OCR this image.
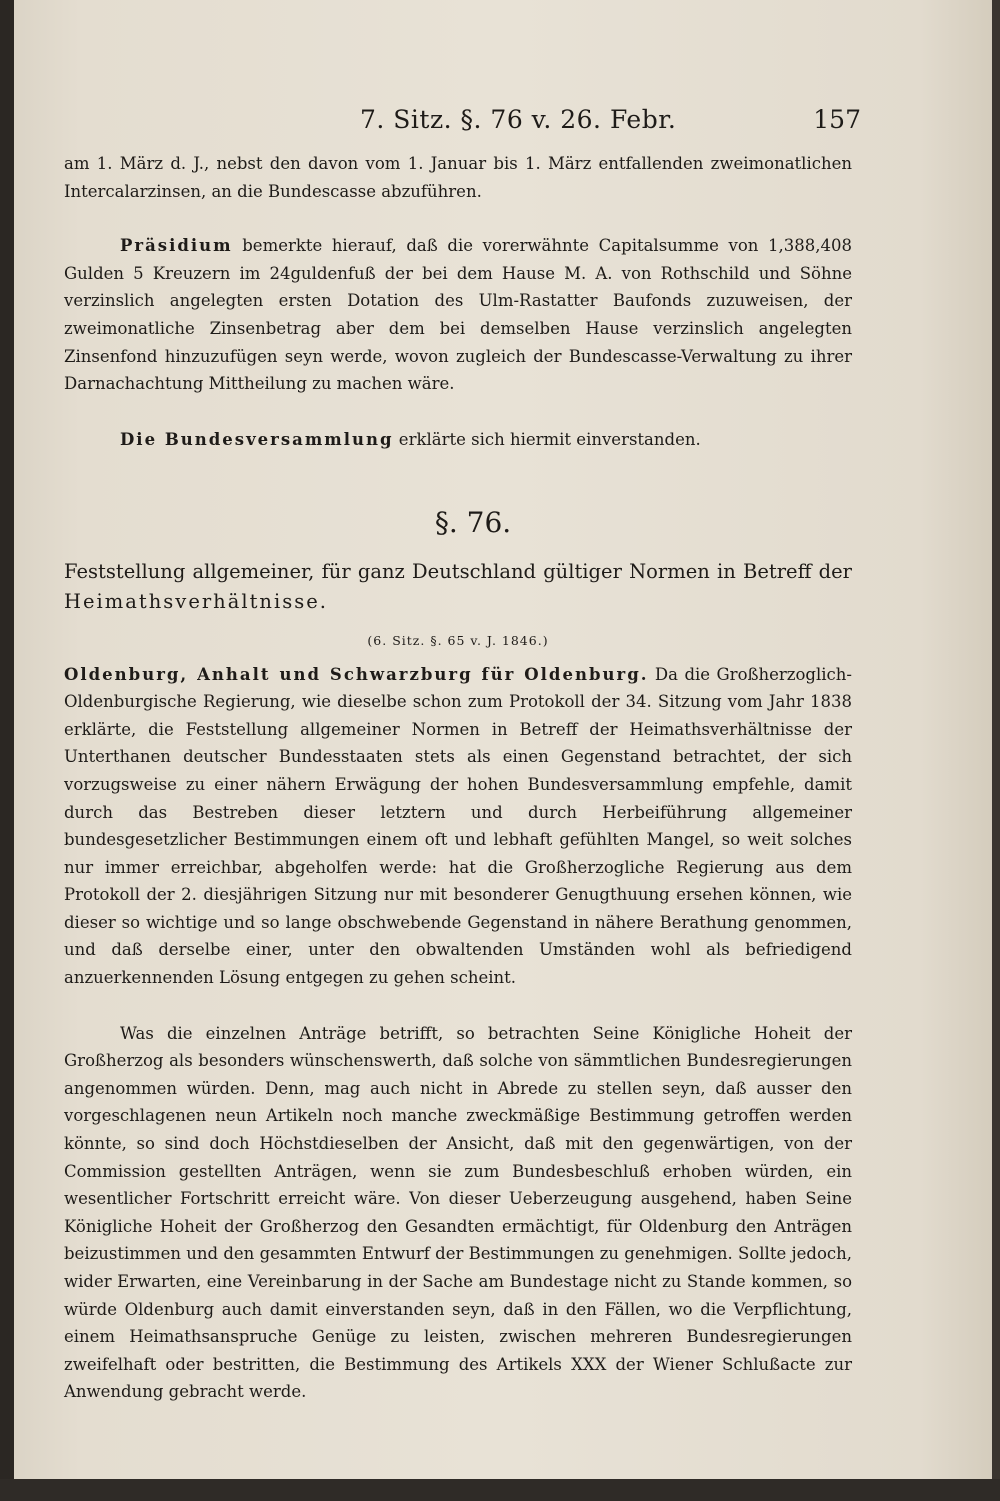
7. Sitz. §. 76 v. 26. Febr.	157

am 1. März d. J., nebst den davon vom 1. Januar bis 1. März entfallenden zweimonatlichen Intercalarzinsen, an die Bundescasse abzuführen.

Präsidium bemerkte hierauf, daß die vorerwähnte Capitalsumme von 1,388,408 Gulden 5 Kreuzern im 24guldenfuß der bei dem Hause M. A. von Rothschild und Söhne verzinslich angelegten ersten Dotation des Ulm-Rastatter Baufonds zuzuweisen, der zweimonatliche Zinsenbetrag aber dem bei demselben Hause verzinslich angelegten Zinsenfond hinzuzufügen seyn werde, wovon zugleich der Bundescasse-Verwaltung zu ihrer Darnachachtung Mittheilung zu machen wäre.

Die Bundesversammlung erklärte sich hiermit einverstanden.

§. 76.

Feststellung allgemeiner, für ganz Deutschland gültiger Normen in Betreff der Heimathsverhältnisse.

(6. Sitz. §. 65 v. J. 1846.)

Oldenburg, Anhalt und Schwarzburg für Oldenburg. Da die Großherzoglich-Oldenburgische Regierung, wie dieselbe schon zum Protokoll der 34. Sitzung vom Jahr 1838 erklärte, die Feststellung allgemeiner Normen in Betreff der Heimathsverhältnisse der Unterthanen deutscher Bundesstaaten stets als einen Gegenstand betrachtet, der sich vorzugsweise zu einer nähern Erwägung der hohen Bundesversammlung empfehle, damit durch das Bestreben dieser letztern und durch Herbeiführung allgemeiner bundesgesetzlicher Bestimmungen einem oft und lebhaft gefühlten Mangel, so weit solches nur immer erreichbar, abgeholfen werde: hat die Großherzogliche Regierung aus dem Protokoll der 2. diesjährigen Sitzung nur mit besonderer Genugthuung ersehen können, wie dieser so wichtige und so lange obschwebende Gegenstand in nähere Berathung genommen, und daß derselbe einer, unter den obwaltenden Umständen wohl als befriedigend anzuerkennenden Lösung entgegen zu gehen scheint.

Was die einzelnen Anträge betrifft, so betrachten Seine Königliche Hoheit der Großherzog als besonders wünschenswerth, daß solche von sämmtlichen Bundesregierungen angenommen würden. Denn, mag auch nicht in Abrede zu stellen seyn, daß ausser den vorgeschlagenen neun Artikeln noch manche zweckmäßige Bestimmung getroffen werden könnte, so sind doch Höchstdieselben der Ansicht, daß mit den gegenwärtigen, von der Commission gestellten Anträgen, wenn sie zum Bundesbeschluß erhoben würden, ein wesentlicher Fortschritt erreicht wäre. Von dieser Ueberzeugung ausgehend, haben Seine Königliche Hoheit der Großherzog den Gesandten ermächtigt, für Oldenburg den Anträgen beizustimmen und den gesammten Entwurf der Bestimmungen zu genehmigen. Sollte jedoch, wider Erwarten, eine Vereinbarung in der Sache am Bundestage nicht zu Stande kommen, so würde Oldenburg auch damit einverstanden seyn, daß in den Fällen, wo die Verpflichtung, einem Heimathsanspruche Genüge zu leisten, zwischen mehreren Bundesregierungen zweifelhaft oder bestritten, die Bestimmung des Artikels XXX der Wiener Schlußacte zur Anwendung gebracht werde.
